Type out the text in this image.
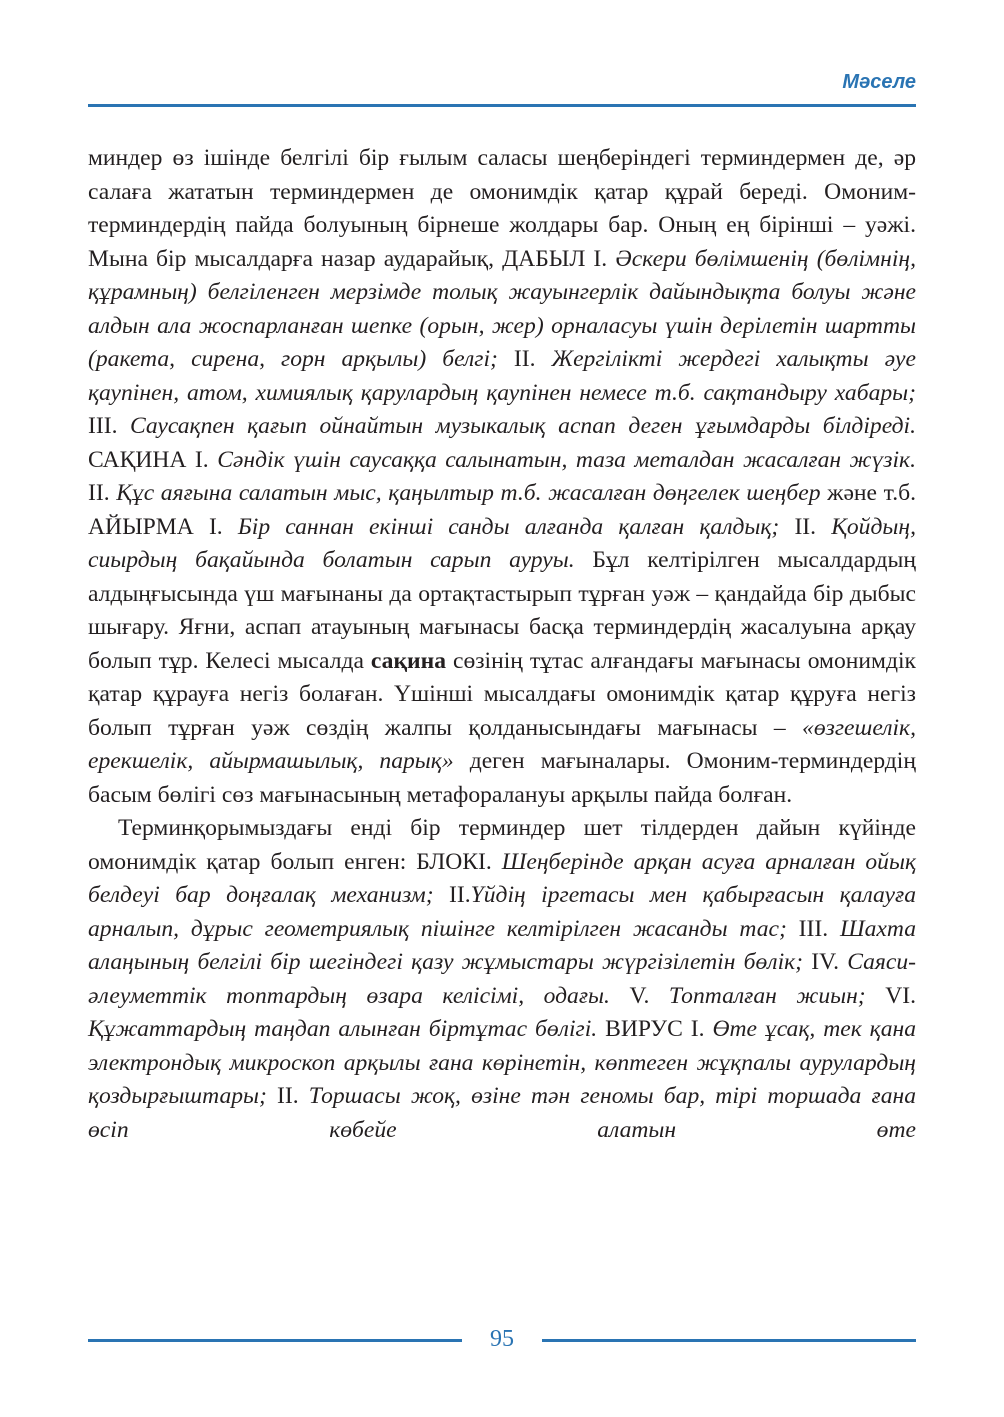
Мәселе

миндер өз ішінде белгілі бір ғылым саласы шеңберіндегі терминдермен де, әр салаға жататын терминдермен де омонимдік қатар құрай береді. Омоним-терминдердің пайда болуының бірнеше жолдары бар. Оның ең біріншi – уәжі. Мына бір мысалдарға назар аударайық, ДАБЫЛ I. Әскери бөлімшенің (бөлімнің, құрамның) белгіленген мерзімде толық жауынгерлік дайындықта болуы және алдын ала жоспарланған шепке (орын, жер) орналасуы үшін дерілетін шартты (ракета, сирена, горн арқылы) белгі; II. Жергілікті жердегі халықты әуе қаупінен, атом, химиялық қарулардың қаупінен немесе т.б. сақтандыру хабары; III. Саусақпен қағып ойнайтын музыкалық аспап деген ұғымдарды білдіреді. САҚИНА I. Сәндік үшін саусаққа салынатын, таза металдан жасалған жүзік. II. Құс аяғына салатын мыс, қаңылтыр т.б. жасалған дөңгелек шеңбер және т.б. АЙЫРМА I. Бір саннан екінші санды алғанда қалған қалдық; II. Қойдың, сиырдың бақайында болатын сарып ауруы. Бұл келтірілген мысалдардың алдыңғысында үш мағынаны да ортақтастырып тұрған уәж – қандайда бір дыбыс шығару. Яғни, аспап атауының мағынасы басқа терминдердің жасалуына арқау болып тұр. Келесі мысалда сақина сөзінің тұтас алғандағы мағынасы омонимдік қатар құрауға негіз болаған. Үшінші мысалдағы омонимдік қатар құруға негіз болып тұрған уәж сөздің жалпы қолданысындағы мағынасы – «өзгешелік, ерекшелік, айырмашылық, парық» деген мағыналары. Омоним-терминдердің басым бөлігі сөз мағынасының метафоралануы арқылы пайда болған.

Терминқорымыздағы енді бір терминдер шет тілдерден дайын күйінде омонимдік қатар болып енген: БЛОКI. Шеңберінде арқан асуға арналған ойық белдеуі бар доңғалақ механизм; II.Үйдің іргетасы мен қабырғасын қалауға арналып, дұрыс геометриялық пішінге келтірілген жасанды тас; III. Шахта алаңының белгілі бір шегіндегі қазу жұмыстары жүргізілетін бөлік; IV. Саяси-әлеуметтік топтардың өзара келісімі, одағы. V. Топталған жиын; VI. Құжаттардың таңдап алынған біртұтас бөлігі. ВИРУС I. Өте ұсақ, тек қана электрондық микроскоп арқылы ғана көрінетін, көптеген жұқпалы аурулардың қоздырғыштары; II. Торшасы жоқ, өзіне тән геномы бар, тірі торшада ғана өсіп көбейе алатын өте

95
